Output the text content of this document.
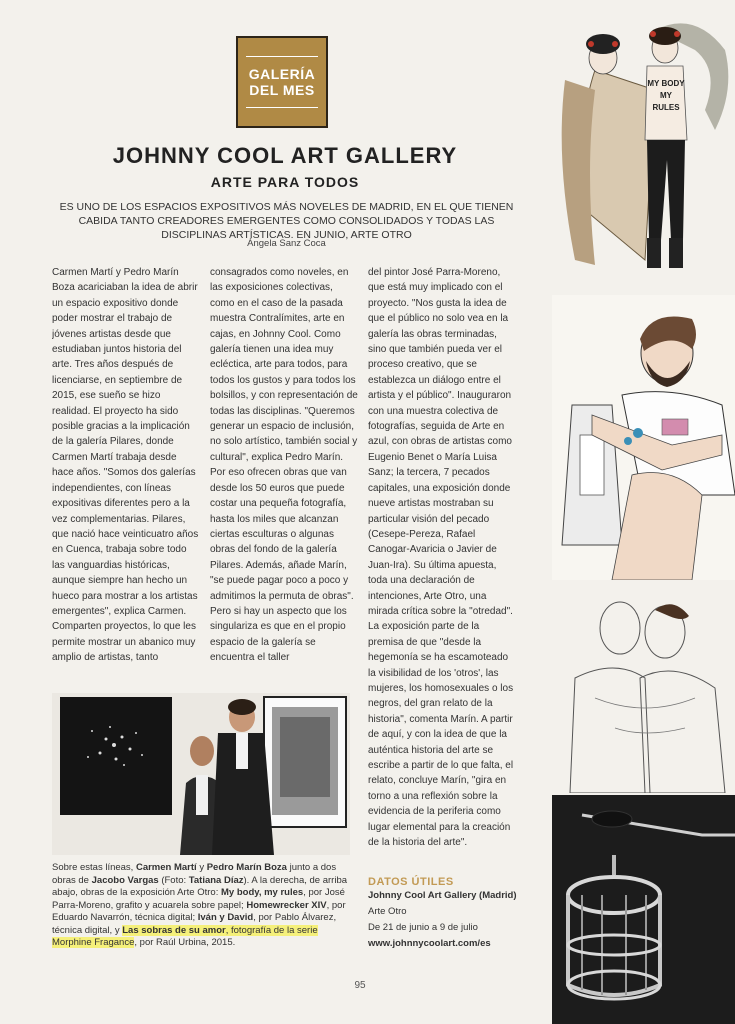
GALERÍA
DEL MES
JOHNNY COOL ART GALLERY
ARTE PARA TODOS
ES UNO DE LOS ESPACIOS EXPOSITIVOS MÁS NOVELES DE MADRID, EN EL QUE TIENEN CABIDA TANTO CREADORES EMERGENTES COMO CONSOLIDADOS Y TODAS LAS DISCIPLINAS ARTÍSTICAS. EN JUNIO, ARTE OTRO
Ángela Sanz Coca
Carmen Martí y Pedro Marín Boza acariciaban la idea de abrir un espacio expositivo donde poder mostrar el trabajo de jóvenes artistas desde que estudiaban juntos historia del arte. Tres años después de licenciarse, en septiembre de 2015, ese sueño se hizo realidad. El proyecto ha sido posible gracias a la implicación de la galería Pilares, donde Carmen Martí trabaja desde hace años. "Somos dos galerías independientes, con líneas expositivas diferentes pero a la vez complementarias. Pilares, que nació hace veinticuatro años en Cuenca, trabaja sobre todo las vanguardias históricas, aunque siempre han hecho un hueco para mostrar a los artistas emergentes", explica Carmen. Comparten proyectos, lo que les permite mostrar un abanico muy amplio de artistas, tanto
consagrados como noveles, en las exposiciones colectivas, como en el caso de la pasada muestra Contralímites, arte en cajas, en Johnny Cool. Como galería tienen una idea muy ecléctica, arte para todos, para todos los gustos y para todos los bolsillos, y con representación de todas las disciplinas. "Queremos generar un espacio de inclusión, no solo artístico, también social y cultural", explica Pedro Marín. Por eso ofrecen obras que van desde los 50 euros que puede costar una pequeña fotografía, hasta los miles que alcanzan ciertas esculturas o algunas obras del fondo de la galería Pilares. Además, añade Marín, "se puede pagar poco a poco y admitimos la permuta de obras". Pero si hay un aspecto que los singulariza es que en el propio espacio de la galería se encuentra el taller
del pintor José Parra-Moreno, que está muy implicado con el proyecto. "Nos gusta la idea de que el público no solo vea en la galería las obras terminadas, sino que también pueda ver el proceso creativo, que se establezca un diálogo entre el artista y el público". Inauguraron con una muestra colectiva de fotografías, seguida de Arte en azul, con obras de artistas como Eugenio Benet o María Luisa Sanz; la tercera, 7 pecados capitales, una exposición donde nueve artistas mostraban su particular visión del pecado (Cesepe-Pereza, Rafael Canogar-Avaricia o Javier de Juan-Ira). Su última apuesta, toda una declaración de intenciones, Arte Otro, una mirada crítica sobre la "otredad". La exposición parte de la premisa de que "desde la hegemonía se ha escamoteado la visibilidad de los 'otros', las mujeres, los homosexuales o los negros, del gran relato de la historia", comenta Marín. A partir de aquí, y con la idea de que la auténtica historia del arte se escribe a partir de lo que falta, el relato, concluye Marín, "gira en torno a una reflexión sobre la evidencia de la periferia como lugar elemental para la creación de la historia del arte".
Sobre estas líneas, Carmen Martí y Pedro Marín Boza junto a dos obras de Jacobo Vargas (Foto: Tatiana Díaz). A la derecha, de arriba abajo, obras de la exposición Arte Otro: My body, my rules, por José Parra-Moreno, grafito y acuarela sobre papel; Homewrecker XIV, por Eduardo Navarrón, técnica digital; Iván y David, por Pablo Álvarez, técnica digital, y Las sobras de su amor, fotografía de la serie Morphine Fragance, por Raúl Urbina, 2015.
DATOS ÚTILES
Johnny Cool Art Gallery (Madrid)
Arte Otro
De 21 de junio a 9 de julio
www.johnnycoolart.com/es
95
MY BODY
MY
RULES
